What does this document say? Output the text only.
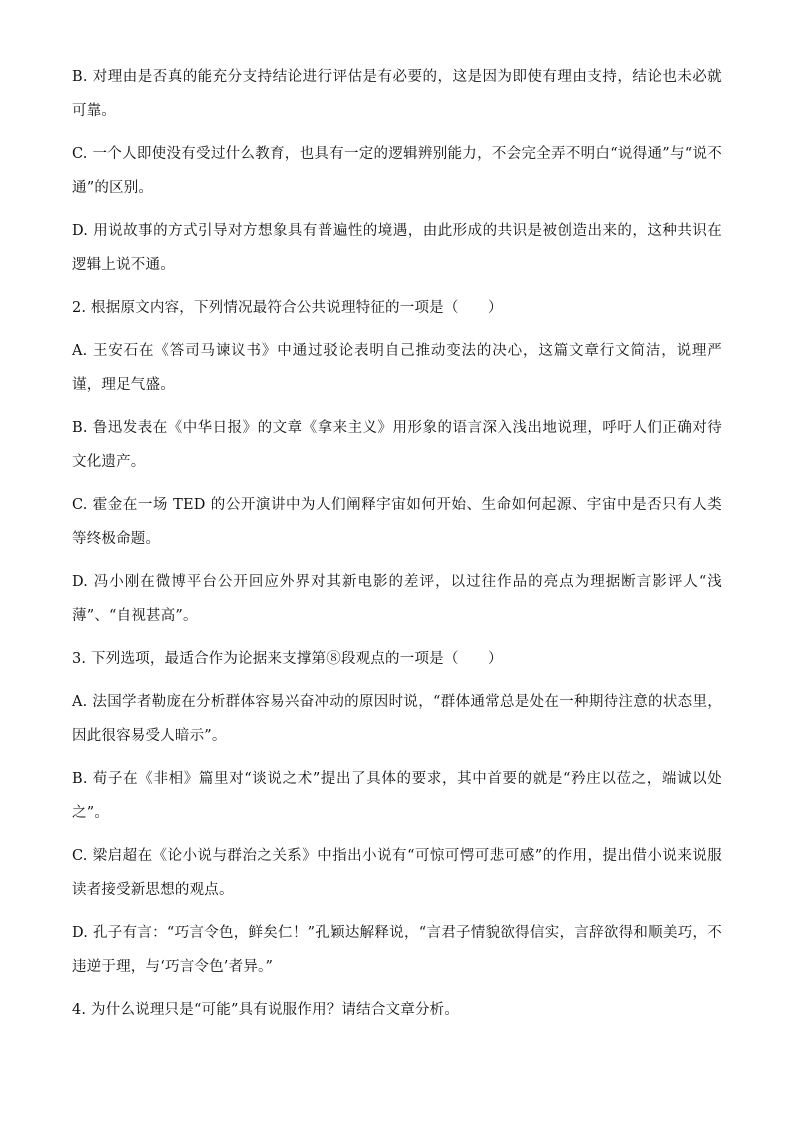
B. 对理由是否真的能充分支持结论进行评估是有必要的，这是因为即使有理由支持，结论也未必就可靠。

C. 一个人即使没有受过什么教育，也具有一定的逻辑辨别能力，不会完全弄不明白“说得通”与“说不通”的区别。

D. 用说故事的方式引导对方想象具有普遍性的境遇，由此形成的共识是被创造出来的，这种共识在逻辑上说不通。

2. 根据原文内容，下列情况最符合公共说理特征的一项是（　　）

A. 王安石在《答司马谏议书》中通过驳论表明自己推动变法的决心，这篇文章行文简洁，说理严谨，理足气盛。

B. 鲁迅发表在《中华日报》的文章《拿来主义》用形象的语言深入浅出地说理，呼吁人们正确对待文化遗产。

C. 霍金在一场 TED 的公开演讲中为人们阐释宇宙如何开始、生命如何起源、宇宙中是否只有人类等终极命题。

D. 冯小刚在微博平台公开回应外界对其新电影的差评，以过往作品的亮点为理据断言影评人“浅薄”、“自视甚高”。

3. 下列选项，最适合作为论据来支撑第⑧段观点的一项是（　　）

A. 法国学者勒庞在分析群体容易兴奋冲动的原因时说，“群体通常总是处在一种期待注意的状态里，因此很容易受人暗示”。

B. 荀子在《非相》篇里对“谈说之术”提出了具体的要求，其中首要的就是“矜庄以莅之，端诚以处之”。

C. 梁启超在《论小说与群治之关系》中指出小说有“可惊可愕可悲可感”的作用，提出借小说来说服读者接受新思想的观点。

D. 孔子有言：“巧言令色，鲜矣仁！”孔颖达解释说，“言君子情貌欲得信实，言辞欲得和顺美巧，不违逆于理，与‘巧言令色’者异。”

4. 为什么说理只是“可能”具有说服作用？请结合文章分析。
